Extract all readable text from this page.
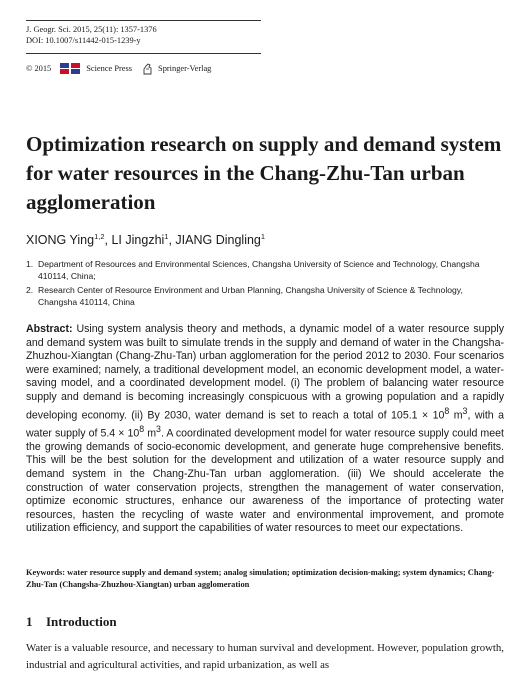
J. Geogr. Sci. 2015, 25(11): 1357-1376
DOI: 10.1007/s11442-015-1239-y
© 2015	Science Press	Springer-Verlag
Optimization research on supply and demand system for water resources in the Chang-Zhu-Tan urban agglomeration
XIONG Ying$^{1,2}$, LI Jingzhi$^1$, JIANG Dingling$^1$
1. Department of Resources and Environmental Sciences, Changsha University of Science and Technology, Changsha 410114, China;
2. Research Center of Resource Environment and Urban Planning, Changsha University of Science & Technology, Changsha 410114, China
Abstract: Using system analysis theory and methods, a dynamic model of a water resource supply and demand system was built to simulate trends in the supply and demand of water in the Changsha-Zhuzhou-Xiangtan (Chang-Zhu-Tan) urban agglomeration for the period 2012 to 2030. Four scenarios were examined; namely, a traditional development model, an economic development model, a water-saving model, and a coordinated development model. (i) The problem of balancing water resource supply and demand is becoming increasingly conspicuous with a growing population and a rapidly developing economy. (ii) By 2030, water demand is set to reach a total of $105.1 \times 10^8$ $m^3$, with a water supply of $5.4 \times 10^8$ $m^3$. A coordinated development model for water resource supply could meet the growing demands of socio-economic development, and generate huge comprehensive benefits. This will be the best solution for the development and utilization of a water resource supply and demand system in the Chang-Zhu-Tan urban agglomeration. (iii) We should accelerate the construction of water conservation projects, strengthen the management of water conservation, optimize economic structures, enhance our awareness of the importance of protecting water resources, hasten the recycling of waste water and environmental improvement, and promote utilization efficiency, and support the capabilities of water resources to meet our expectations.
Keywords: water resource supply and demand system; analog simulation; optimization decision-making; system dynamics; Chang-Zhu-Tan (Changsha-Zhuzhou-Xiangtan) urban agglomeration
1 Introduction
Water is a valuable resource, and necessary to human survival and development. However, population growth, industrial and agricultural activities, and rapid urbanization, as well as
